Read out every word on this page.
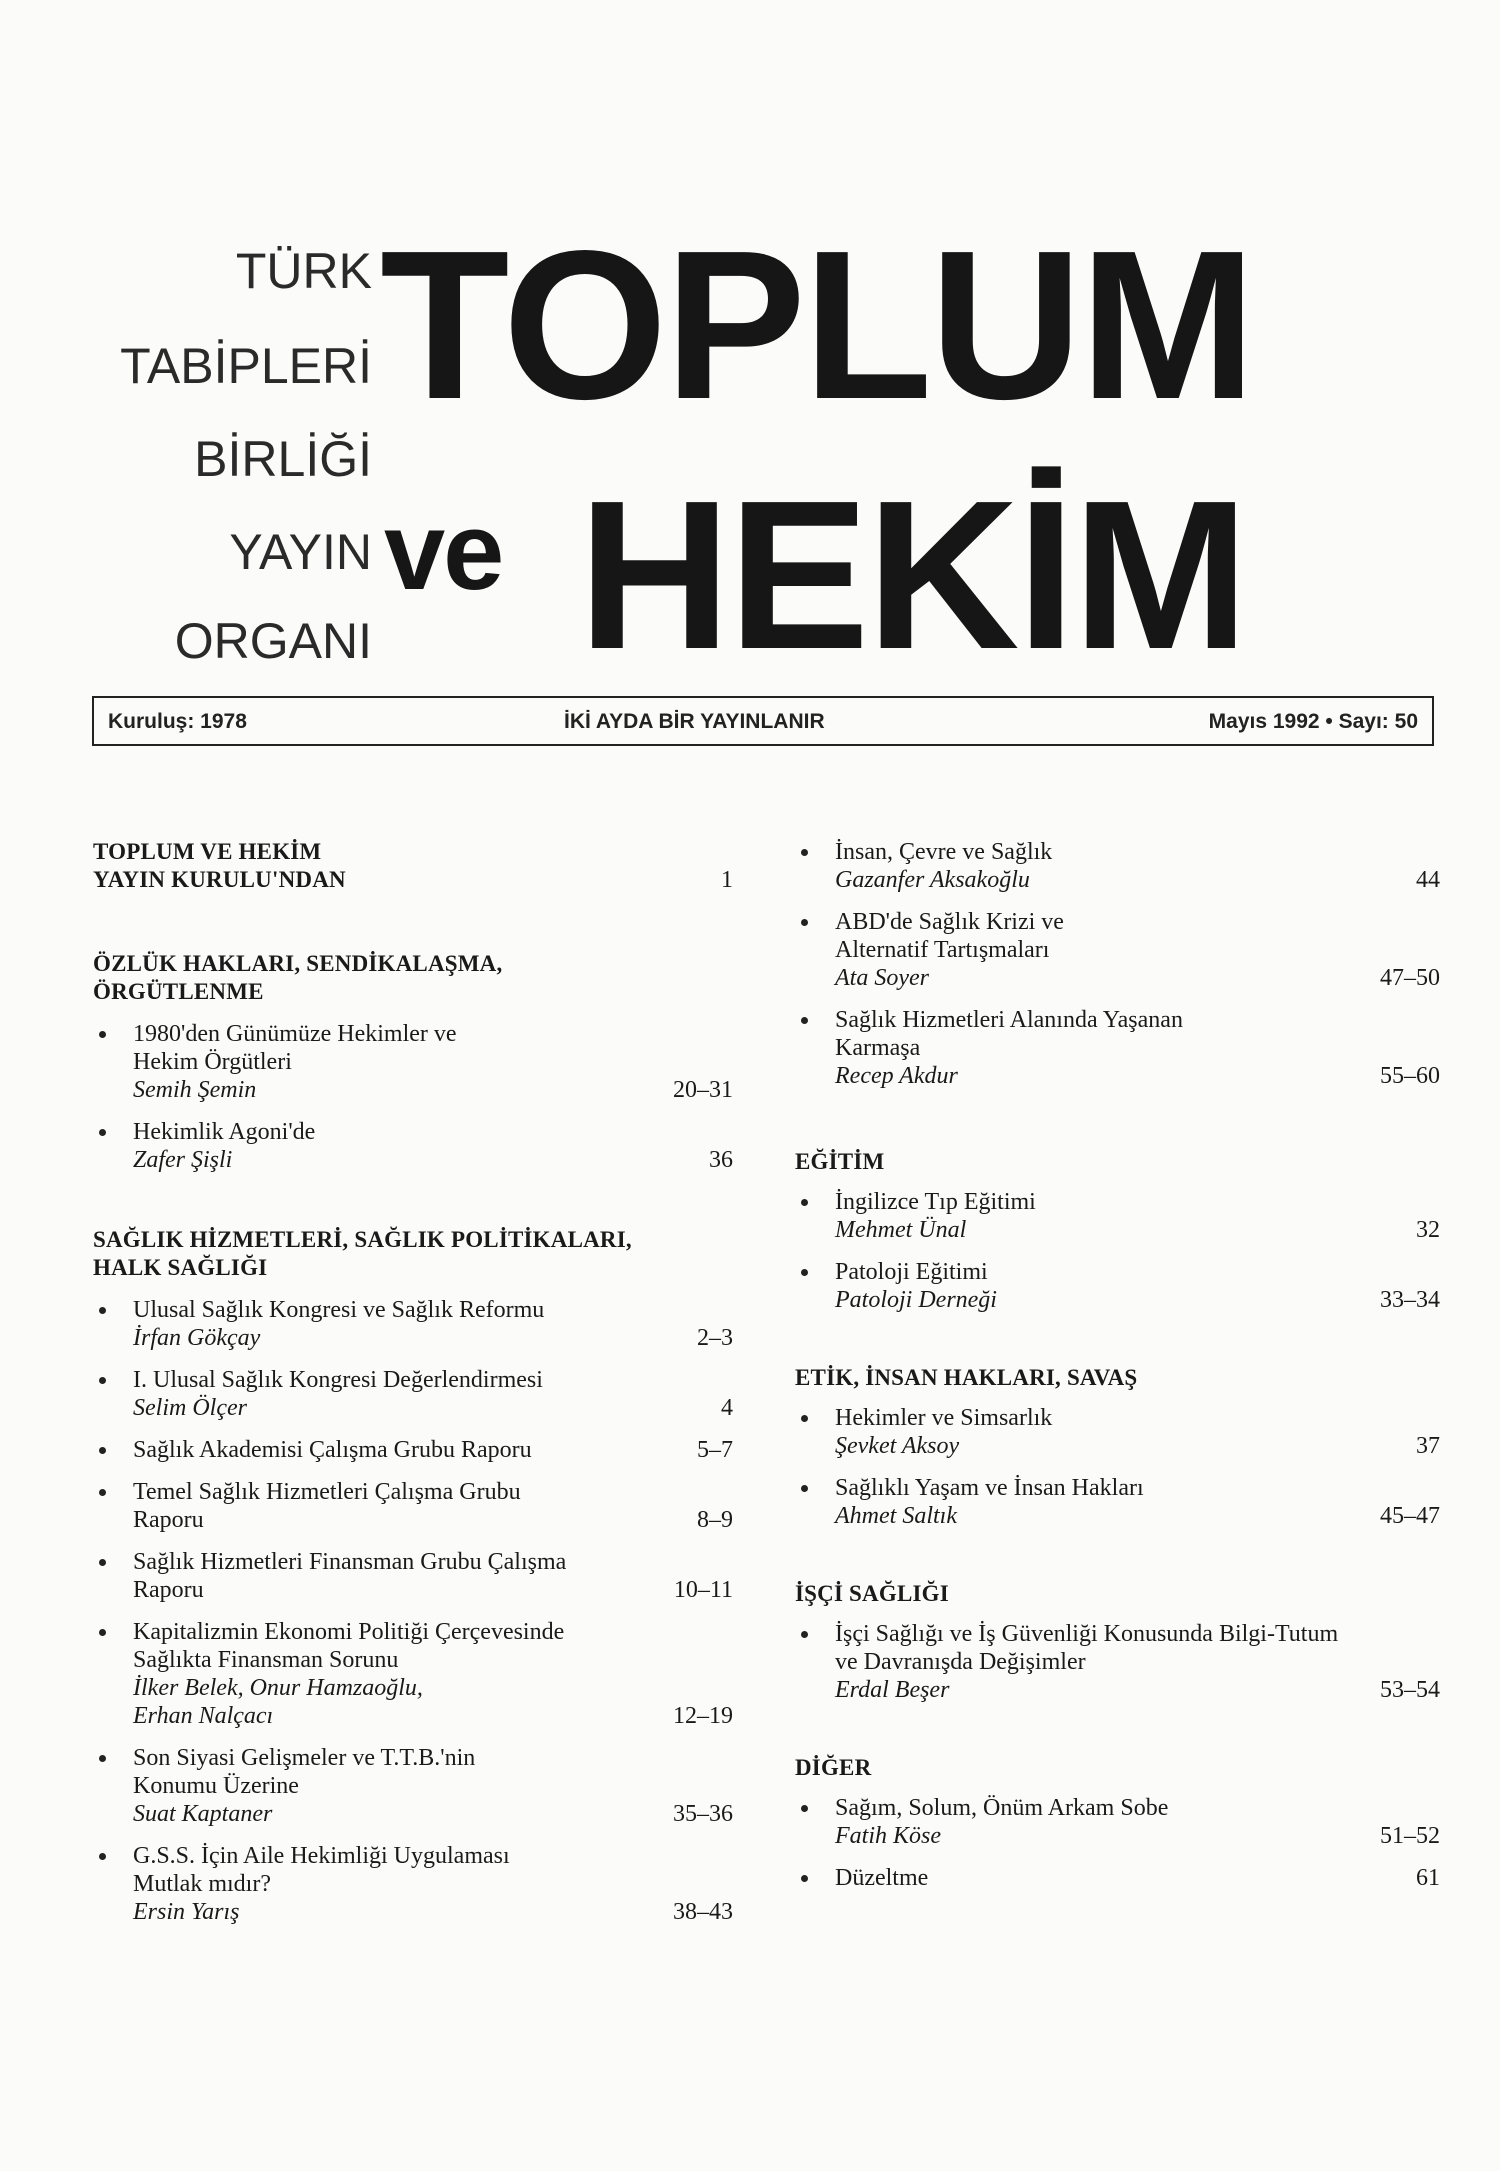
TÜRK

TABİPLERİ

BİRLİĞİ

YAYIN

ORGANI

TOPLUM

ve HEKİM

Kuruluş: 1978	İKİ AYDA BİR YAYINLANIR	Mayıs 1992 • Sayı: 50
TOPLUM VE HEKİM
YAYIN KURULU'NDAN	1
ÖZLÜK HAKLARI, SENDİKALAŞMA,
ÖRGÜTLENME
1980'den Günümüze Hekimler ve
Hekim Örgütleri
Semih Şemin	20–31
Hekimlik Agoni'de
Zafer Şişli	36
SAĞLIK HİZMETLERİ, SAĞLIK POLİTİKALARI,
HALK SAĞLIĞI
Ulusal Sağlık Kongresi ve Sağlık Reformu
İrfan Gökçay	2–3
I. Ulusal Sağlık Kongresi Değerlendirmesi
Selim Ölçer	4
Sağlık Akademisi Çalışma Grubu Raporu	5–7
Temel Sağlık Hizmetleri Çalışma Grubu
Raporu	8–9
Sağlık Hizmetleri Finansman Grubu Çalışma
Raporu	10–11
Kapitalizmin Ekonomi Politiği Çerçevesinde
Sağlıkta Finansman Sorunu
İlker Belek, Onur Hamzaoğlu,
Erhan Nalçacı	12–19
Son Siyasi Gelişmeler ve T.T.B.'nin
Konumu Üzerine
Suat Kaptaner	35–36
G.S.S. İçin Aile Hekimliği Uygulaması
Mutlak mıdır?
Ersin Yarış	38–43
İnsan, Çevre ve Sağlık
Gazanfer Aksakoğlu	44
ABD'de Sağlık Krizi ve
Alternatif Tartışmaları
Ata Soyer	47–50
Sağlık Hizmetleri Alanında Yaşanan
Karmaşa
Recep Akdur	55–60
EĞİTİM
İngilizce Tıp Eğitimi
Mehmet Ünal	32
Patoloji Eğitimi
Patoloji Derneği	33–34
ETİK, İNSAN HAKLARI, SAVAŞ
Hekimler ve Simsarlık
Şevket Aksoy	37
Sağlıklı Yaşam ve İnsan Hakları
Ahmet Saltık	45–47
İŞÇİ SAĞLIĞI
İşçi Sağlığı ve İş Güvenliği Konusunda Bilgi-Tutum
ve Davranışda Değişimler
Erdal Beşer	53–54
DİĞER
Sağım, Solum, Önüm Arkam Sobe
Fatih Köse	51–52
Düzeltme	61
